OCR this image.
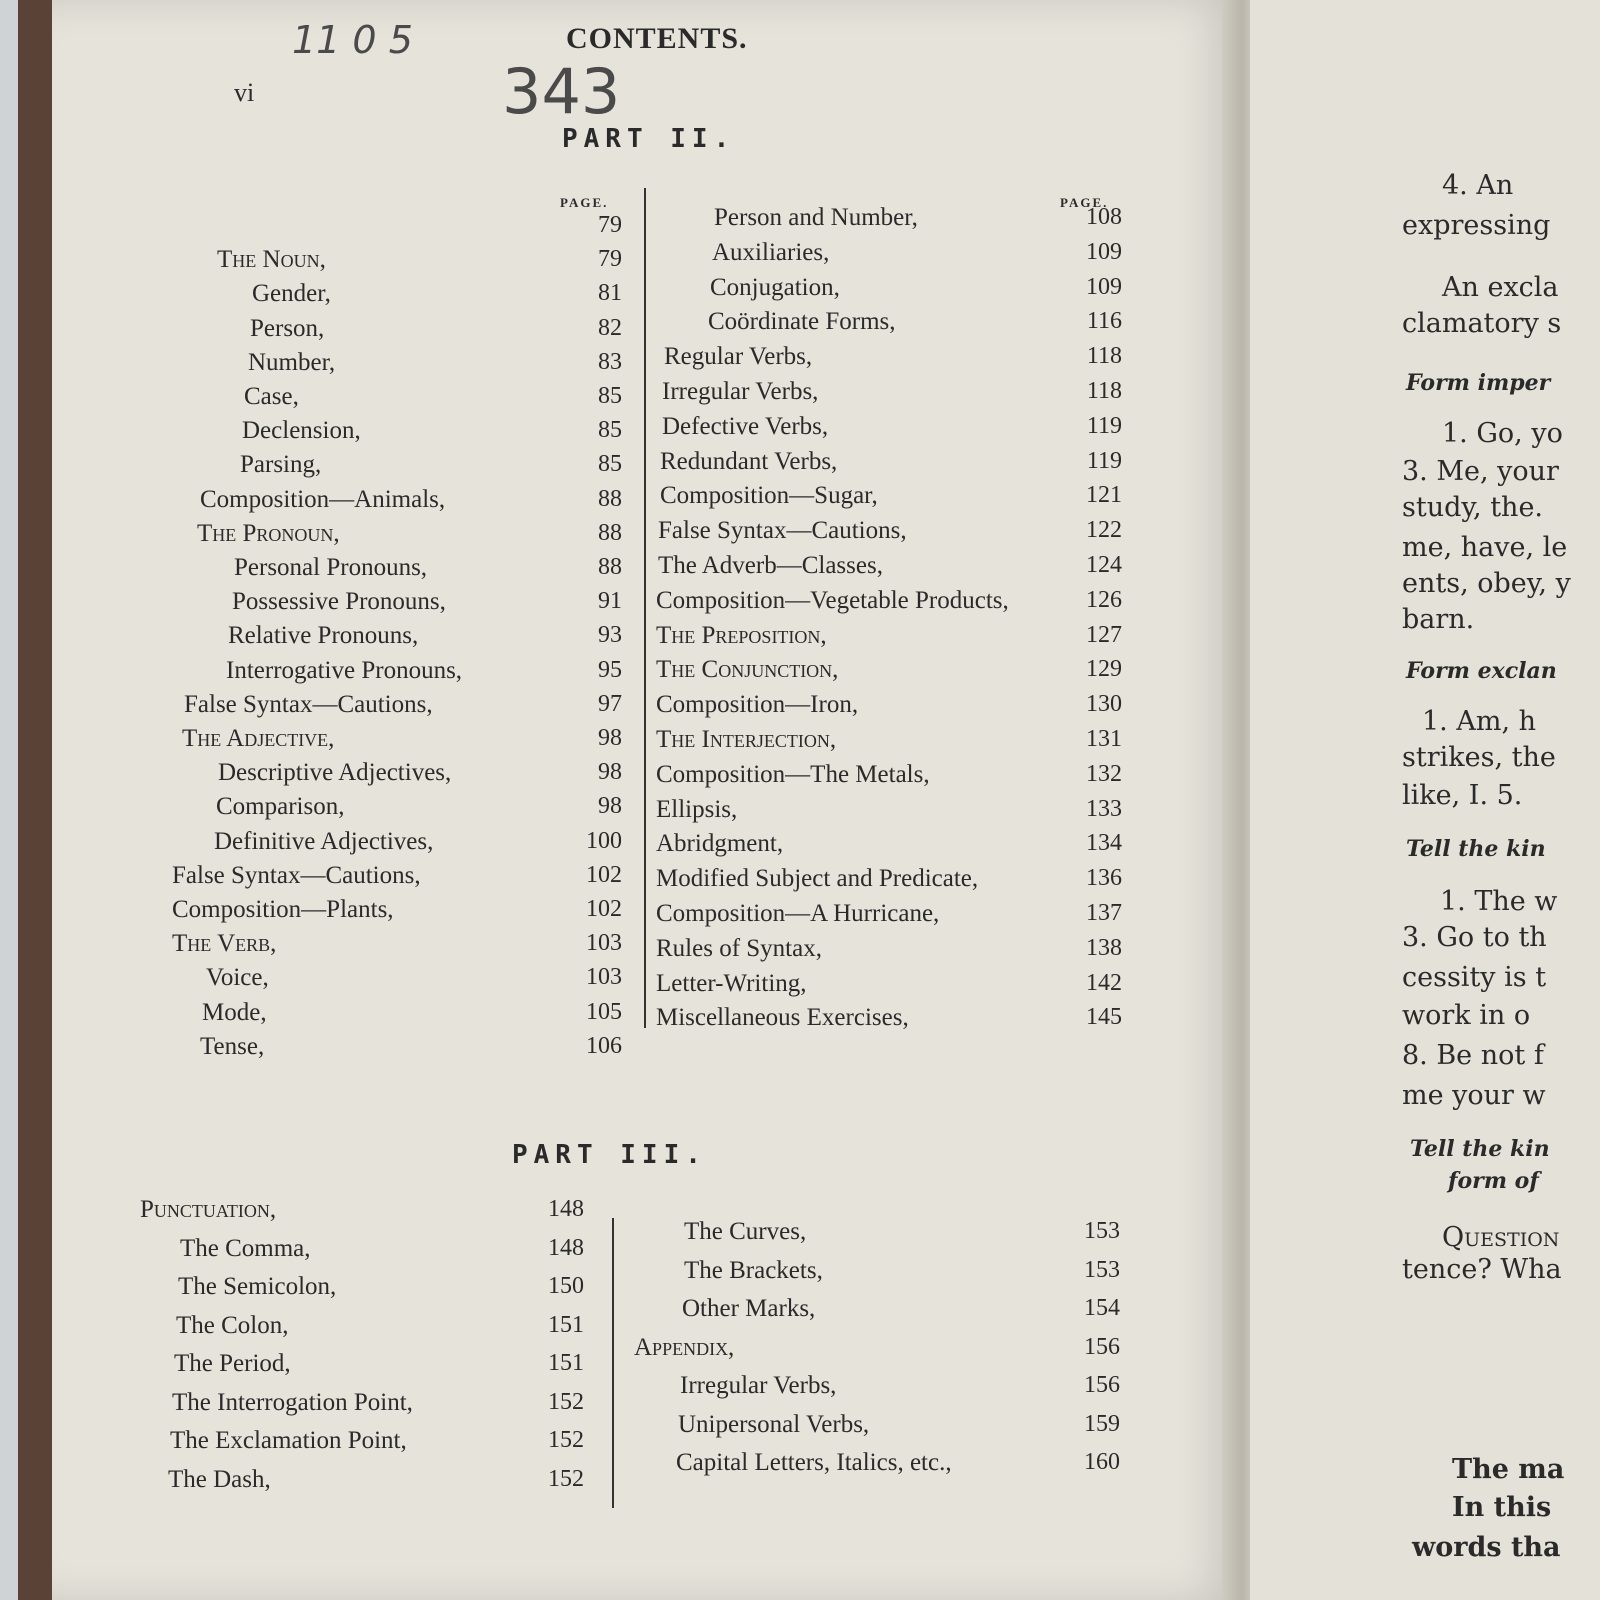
11 0 5
343
vi
CONTENTS.
PART II.
PAGE.	PAGE.
79
The Noun,	79
Gender,	81
Person,	82
Number,	83
Case,	85
Declension,	85
Parsing,	85
Composition—Animals,	88
The Pronoun,	88
Personal Pronouns,	88
Possessive Pronouns,	91
Relative Pronouns,	93
Interrogative Pronouns,	95
False Syntax—Cautions,	97
The Adjective,	98
Descriptive Adjectives,	98
Comparison,	98
Definitive Adjectives,	100
False Syntax—Cautions,	102
Composition—Plants,	102
The Verb,	103
Voice,	103
Mode,	105
Tense,	106
Person and Number,	108
Auxiliaries,	109
Conjugation,	109
Coördinate Forms,	116
Regular Verbs,	118
Irregular Verbs,	118
Defective Verbs,	119
Redundant Verbs,	119
Composition—Sugar,	121
False Syntax—Cautions,	122
The Adverb—Classes,	124
Composition—Vegetable Products,	126
The Preposition,	127
The Conjunction,	129
Composition—Iron,	130
The Interjection,	131
Composition—The Metals,	132
Ellipsis,	133
Abridgment,	134
Modified Subject and Predicate,	136
Composition—A Hurricane,	137
Rules of Syntax,	138
Letter-Writing,	142
Miscellaneous Exercises,	145
PART III.
Punctuation,	148
The Comma,	148
The Semicolon,	150
The Colon,	151
The Period,	151
The Interrogation Point,	152
The Exclamation Point,	152
The Dash,	152
The Curves,	153
The Brackets,	153
Other Marks,	154
Appendix,	156
Irregular Verbs,	156
Unipersonal Verbs,	159
Capital Letters, Italics, etc.,	160
4. An
expressing
An excla
clamatory s
Form imper
1. Go, yo
3. Me, your
study, the.
me, have, le
ents, obey, y
barn.
Form exclan
1. Am, h
strikes, the
like, I. 5.
Tell the kin
1. The w
3. Go to th
cessity is t
work in o
8. Be not f
me your w
Tell the kin
form of
Question
tence? Wha
The ma
In this
words tha
